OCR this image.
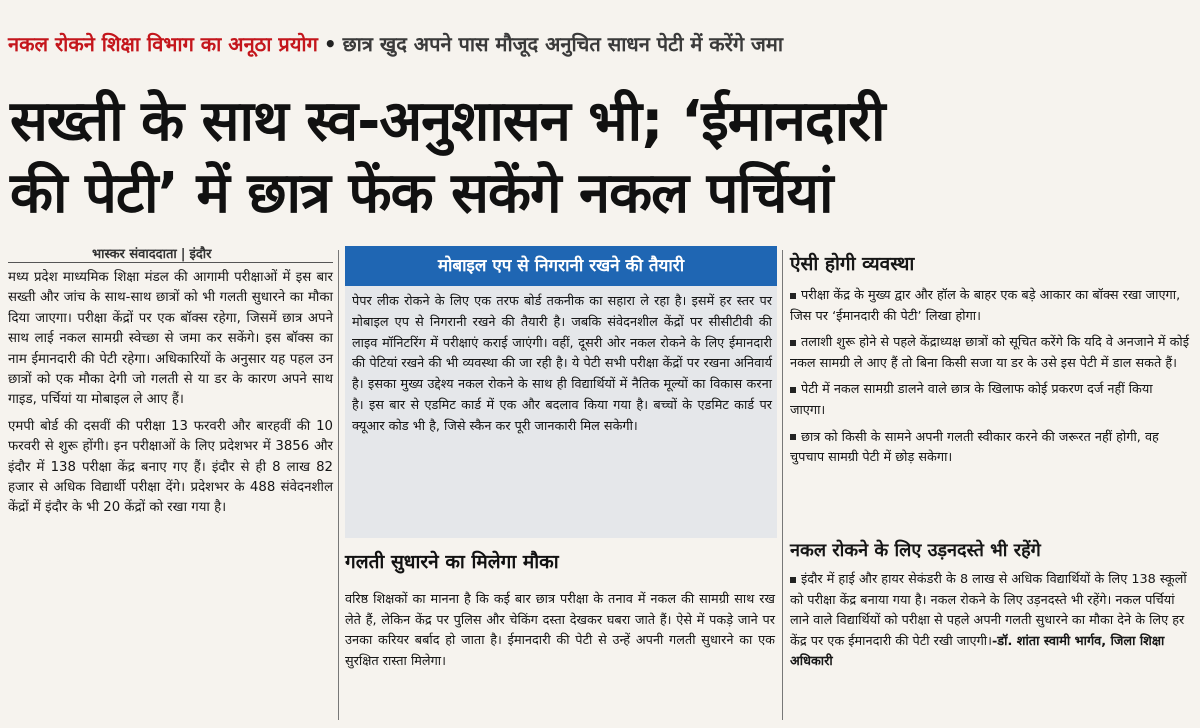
नकल रोकने शिक्षा विभाग का अनूठा प्रयोग • छात्र खुद अपने पास मौजूद अनुचित साधन पेटी में करेंगे जमा
सख्ती के साथ स्व-अनुशासन भी; ‘ईमानदारी
की पेटी’ में छात्र फेंक सकेंगे नकल पर्चियां
भास्कर संवाददाता | इंदौर

मध्य प्रदेश माध्यमिक शिक्षा मंडल की आगामी परीक्षाओं में इस बार सख्ती और जांच के साथ-साथ छात्रों को भी गलती सुधारने का मौका दिया जाएगा। परीक्षा केंद्रों पर एक बॉक्स रहेगा, जिसमें छात्र अपने साथ लाई नकल सामग्री स्वेच्छा से जमा कर सकेंगे। इस बॉक्स का नाम ईमानदारी की पेटी रहेगा। अधिकारियों के अनुसार यह पहल उन छात्रों को एक मौका देगी जो गलती से या डर के कारण अपने साथ गाइड, पर्चियां या मोबाइल ले आए हैं।

एमपी बोर्ड की दसवीं की परीक्षा 13 फरवरी और बारहवीं की 10 फरवरी से शुरू होंगी। इन परीक्षाओं के लिए प्रदेशभर में 3856 और इंदौर में 138 परीक्षा केंद्र बनाए गए हैं। इंदौर से ही 8 लाख 82 हजार से अधिक विद्यार्थी परीक्षा देंगे। प्रदेशभर के 488 संवेदनशील केंद्रों में इंदौर के भी 20 केंद्रों को रखा गया है।

मोबाइल एप से निगरानी रखने की तैयारी
पेपर लीक रोकने के लिए एक तरफ बोर्ड तकनीक का सहारा ले रहा है। इसमें हर स्तर पर मोबाइल एप से निगरानी रखने की तैयारी है। जबकि संवेदनशील केंद्रों पर सीसीटीवी की लाइव मॉनिटरिंग में परीक्षाएं कराई जाएंगी। वहीं, दूसरी ओर नकल रोकने के लिए ईमानदारी की पेटियां रखने की भी व्यवस्था की जा रही है। ये पेटी सभी परीक्षा केंद्रों पर रखना अनिवार्य है। इसका मुख्य उद्देश्य नकल रोकने के साथ ही विद्यार्थियों में नैतिक मूल्यों का विकास करना है। इस बार से एडमिट कार्ड में एक और बदलाव किया गया है। बच्चों के एडमिट कार्ड पर क्यूआर कोड भी है, जिसे स्कैन कर पूरी जानकारी मिल सकेगी।
गलती सुधारने का मिलेगा मौका
वरिष्ठ शिक्षकों का मानना है कि कई बार छात्र परीक्षा के तनाव में नकल की सामग्री साथ रख लेते हैं, लेकिन केंद्र पर पुलिस और चेकिंग दस्ता देखकर घबरा जाते हैं। ऐसे में पकड़े जाने पर उनका करियर बर्बाद हो जाता है। ईमानदारी की पेटी से उन्हें अपनी गलती सुधारने का एक सुरक्षित रास्ता मिलेगा।
ऐसी होगी व्यवस्था

परीक्षा केंद्र के मुख्य द्वार और हॉल के बाहर एक बड़े आकार का बॉक्स रखा जाएगा, जिस पर ‘ईमानदारी की पेटी’ लिखा होगा।

तलाशी शुरू होने से पहले केंद्राध्यक्ष छात्रों को सूचित करेंगे कि यदि वे अनजाने में कोई नकल सामग्री ले आए हैं तो बिना किसी सजा या डर के उसे इस पेटी में डाल सकते हैं।

पेटी में नकल सामग्री डालने वाले छात्र के खिलाफ कोई प्रकरण दर्ज नहीं किया जाएगा।

छात्र को किसी के सामने अपनी गलती स्वीकार करने की जरूरत नहीं होगी, वह चुपचाप सामग्री पेटी में छोड़ सकेगा।

नकल रोकने के लिए उड़नदस्ते भी रहेंगे
इंदौर में हाई और हायर सेकंडरी के 8 लाख से अधिक विद्यार्थियों के लिए 138 स्कूलों को परीक्षा केंद्र बनाया गया है। नकल रोकने के लिए उड़नदस्ते भी रहेंगे। नकल पर्चियां लाने वाले विद्यार्थियों को परीक्षा से पहले अपनी गलती सुधारने का मौका देने के लिए हर केंद्र पर एक ईमानदारी की पेटी रखी जाएगी।-डॉ. शांता स्वामी भार्गव, जिला शिक्षा अधिकारी
